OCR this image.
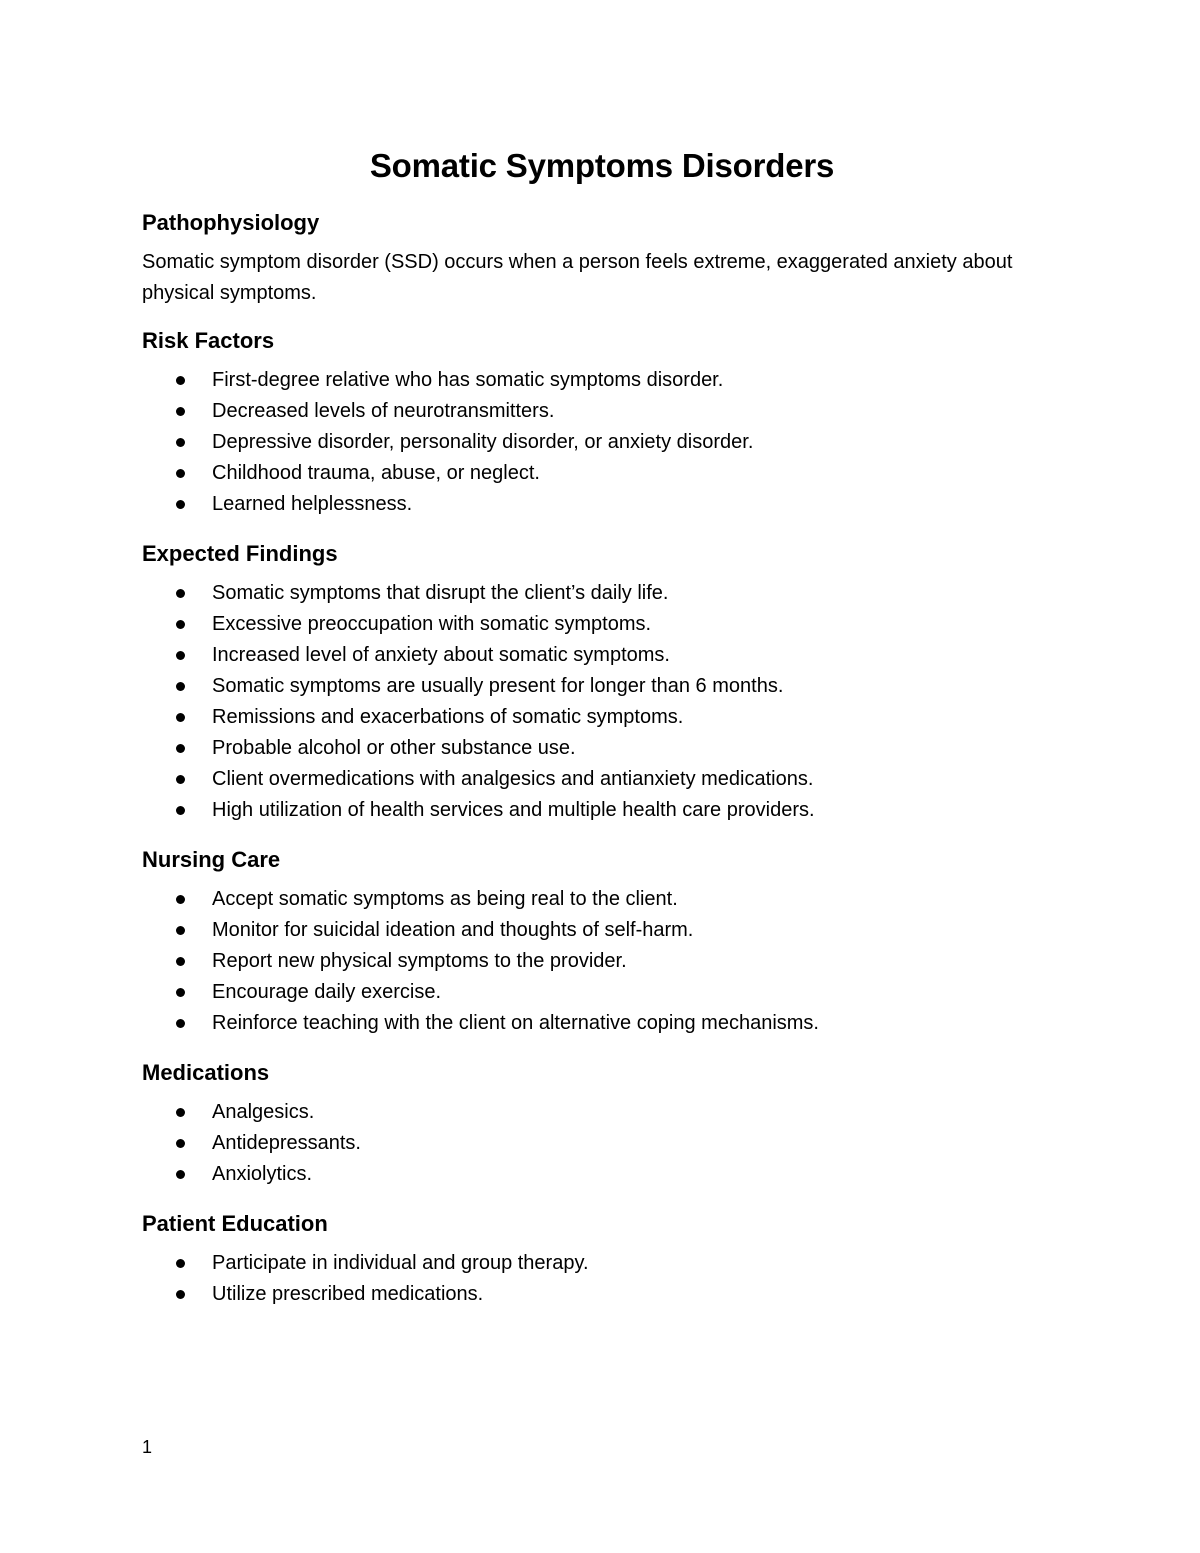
Somatic Symptoms Disorders
Pathophysiology

Somatic symptom disorder (SSD) occurs when a person feels extreme, exaggerated anxiety about physical symptoms.

Risk Factors
First-degree relative who has somatic symptoms disorder.
Decreased levels of neurotransmitters.
Depressive disorder, personality disorder, or anxiety disorder.
Childhood trauma, abuse, or neglect.
Learned helplessness.
Expected Findings
Somatic symptoms that disrupt the client’s daily life.
Excessive preoccupation with somatic symptoms.
Increased level of anxiety about somatic symptoms.
Somatic symptoms are usually present for longer than 6 months.
Remissions and exacerbations of somatic symptoms.
Probable alcohol or other substance use.
Client overmedications with analgesics and antianxiety medications.
High utilization of health services and multiple health care providers.
Nursing Care
Accept somatic symptoms as being real to the client.
Monitor for suicidal ideation and thoughts of self-harm.
Report new physical symptoms to the provider.
Encourage daily exercise.
Reinforce teaching with the client on alternative coping mechanisms.
Medications
Analgesics.
Antidepressants.
Anxiolytics.
Patient Education
Participate in individual and group therapy.
Utilize prescribed medications.
1
